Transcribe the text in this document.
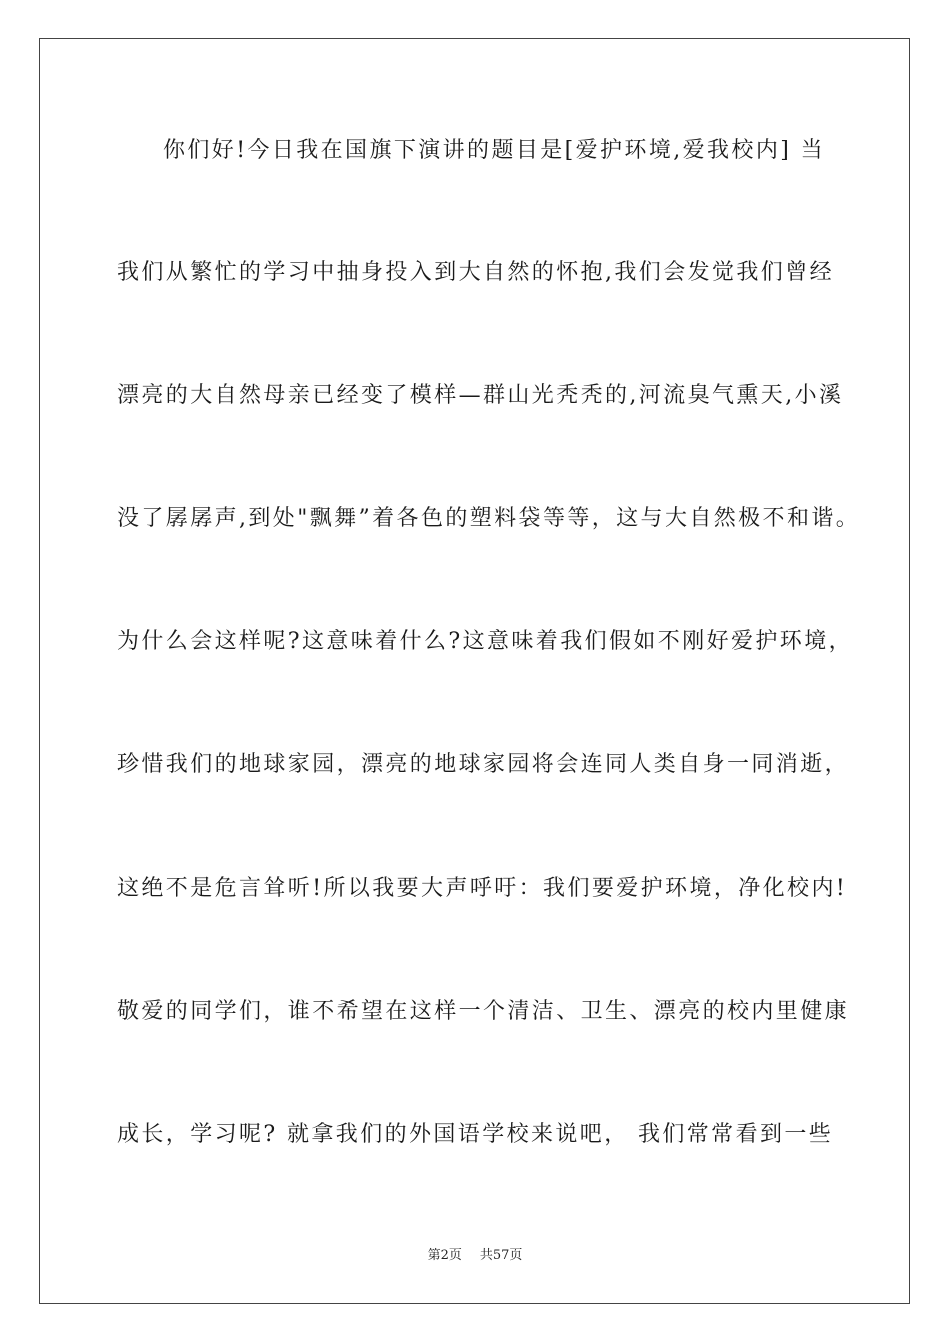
你们好!今日我在国旗下演讲的题目是[爱护环境,爱我校内] 当
我们从繁忙的学习中抽身投入到大自然的怀抱,我们会发觉我们曾经
漂亮的大自然母亲已经变了模样—群山光秃秃的,河流臭气熏天,小溪
没了孱孱声,到处"飘舞”着各色的塑料袋等等，这与大自然极不和谐。
为什么会这样呢?这意味着什么?这意味着我们假如不刚好爱护环境，
珍惜我们的地球家园，漂亮的地球家园将会连同人类自身一同消逝，
这绝不是危言耸听!所以我要大声呼吁：我们要爱护环境，净化校内!
敬爱的同学们，谁不希望在这样一个清洁、卫生、漂亮的校内里健康
成长，学习呢? 就拿我们的外国语学校来说吧， 我们常常看到一些
第2页 共57页
